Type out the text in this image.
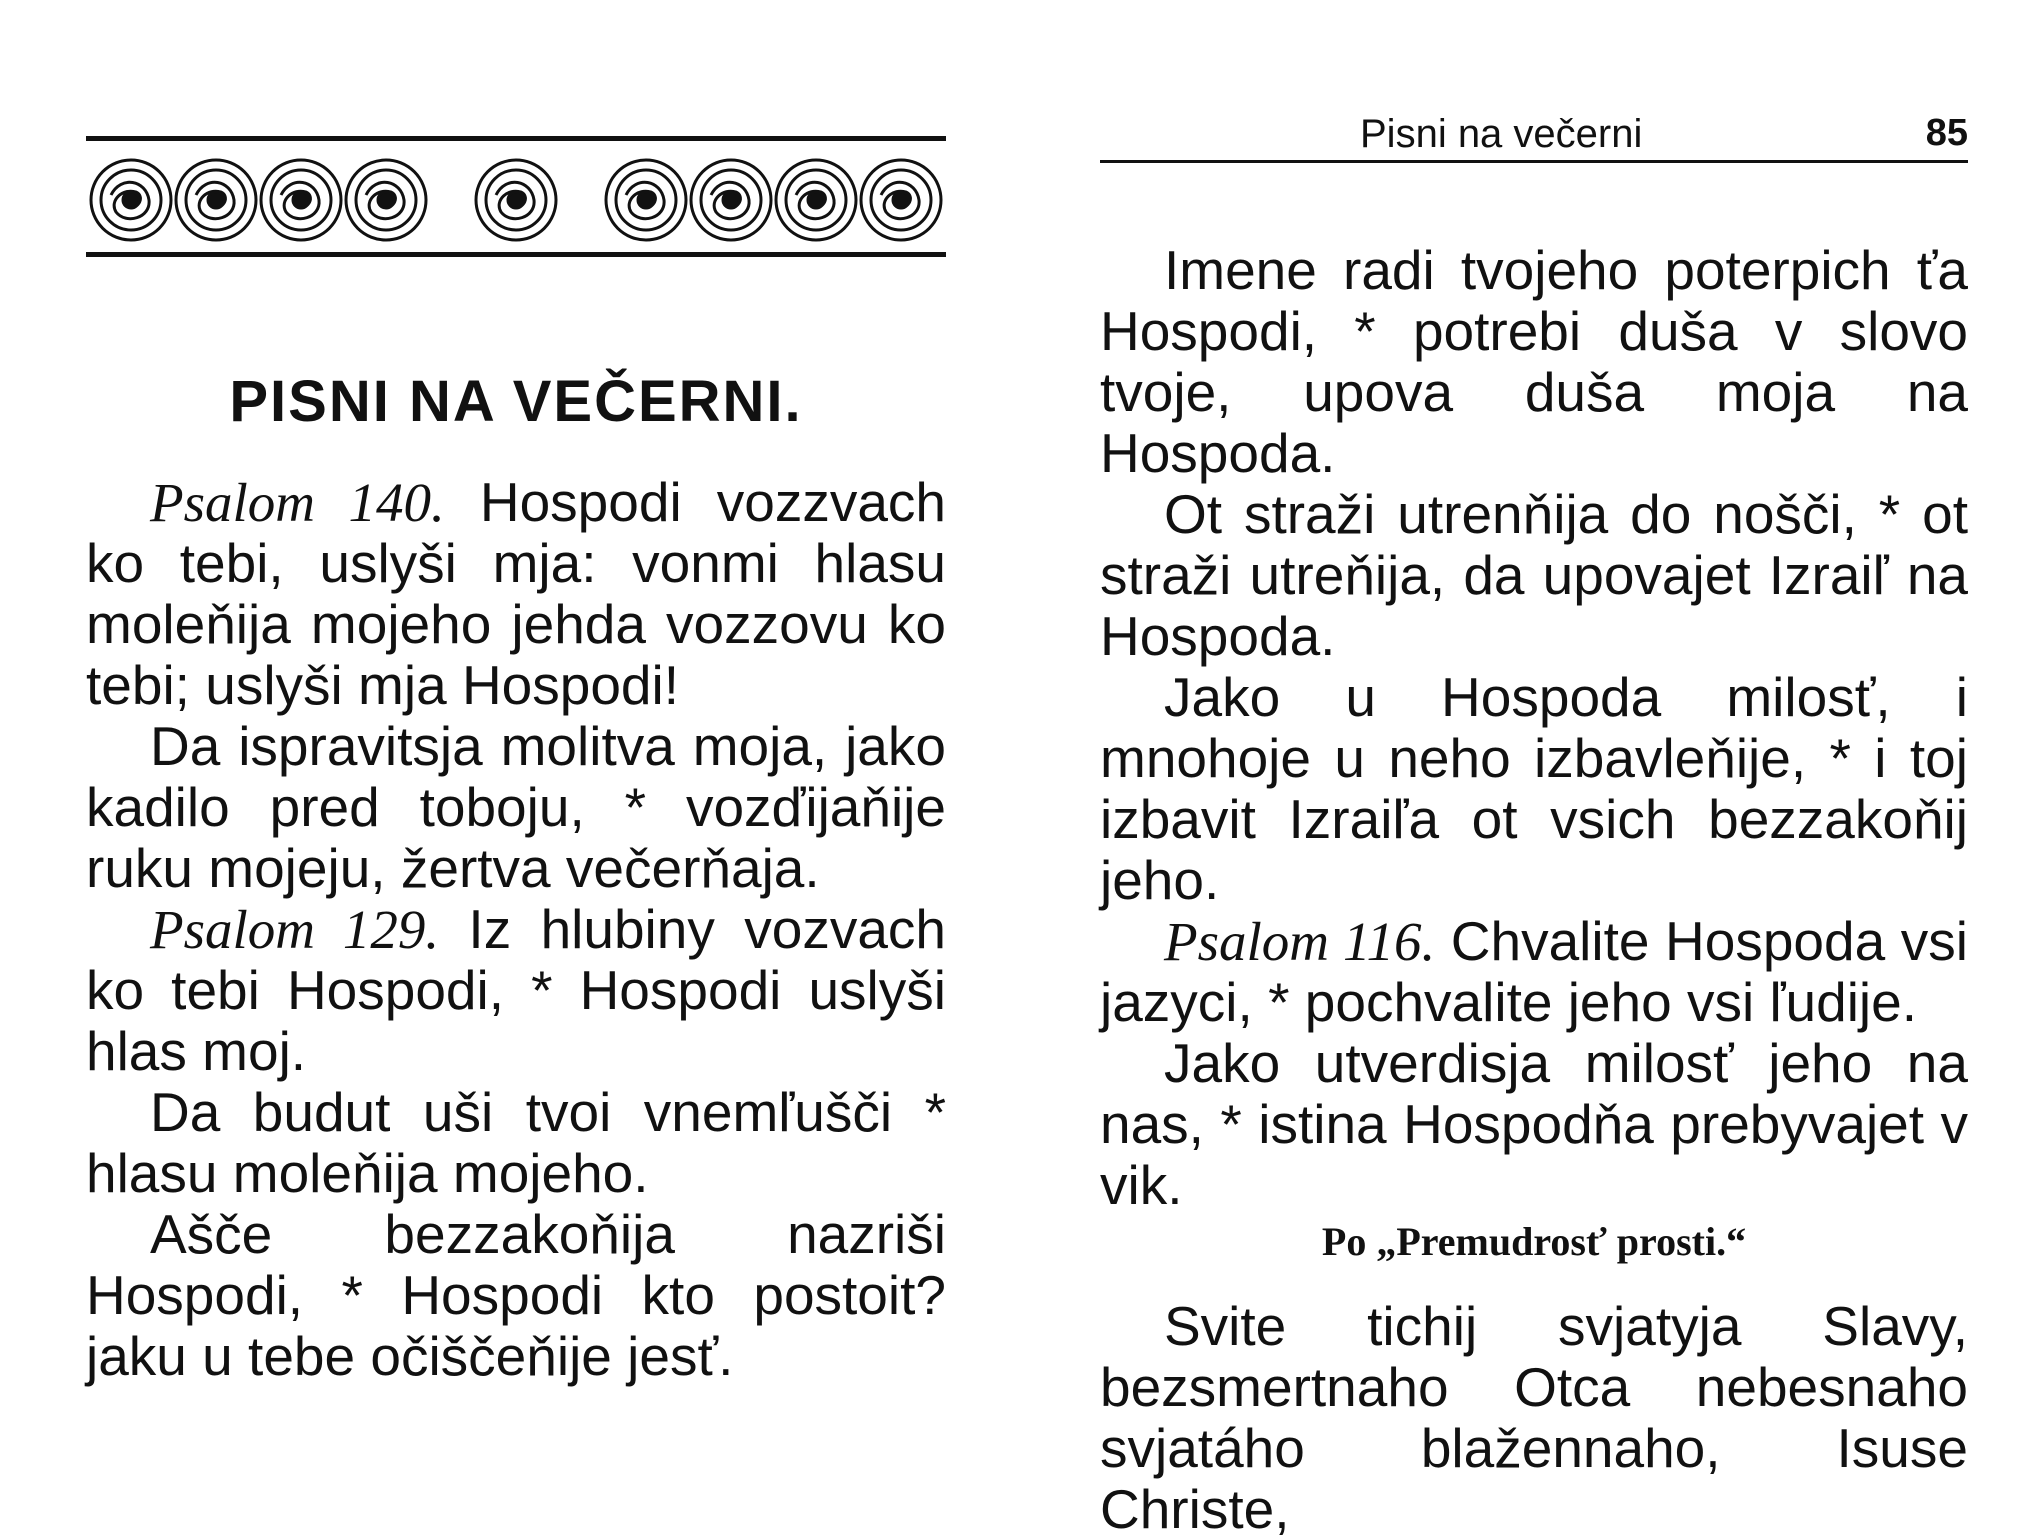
PISNI NA VEČERNI.

Psalom 140. Hospodi vozzvach ko tebi, uslyši mja: vonmi hlasu moleňija mojeho jehda vozzovu ko tebi; uslyši mja Hospodi!

Da ispravitsja molitva moja, jako kadilo pred toboju, * vozďijaňije ruku mojeju, žertva večerňaja.

Psalom 129. Iz hlubiny vozvach ko tebi Hospodi, * Hospodi uslyši hlas moj.

Da budut uši tvoi vnemľušči * hlasu moleňija mojeho.

Ašče bezzakoňija nazriši Hospodi, * Hospodi kto postoit? jaku u tebe očiščeňije jesť.

Pisni na večerni	85

Imene radi tvojeho poterpich ťa Hospodi, * potrebi duša v slovo tvoje, upova duša moja na Hospoda.

Ot straži utrenňija do nošči, * ot straži utreňija, da upovajet Izraiľ na Hospoda.

Jako u Hospoda milosť, i mnohoje u neho izbavleňije, * i toj izbavit Izraiľa ot vsich bezzakoňij jeho.

Psalom 116. Chvalite Hospoda vsi jazyci, * pochvalite jeho vsi ľudije.

Jako utverdisja milosť jeho na nas, * istina Hospodňa prebyvajet v vik.

Po „Premudrosť prosti.“

Svite tichij svjatyja Slavy, bezsmertnaho Otca nebesnaho svjatáho blažennaho, Isuse Christe,
